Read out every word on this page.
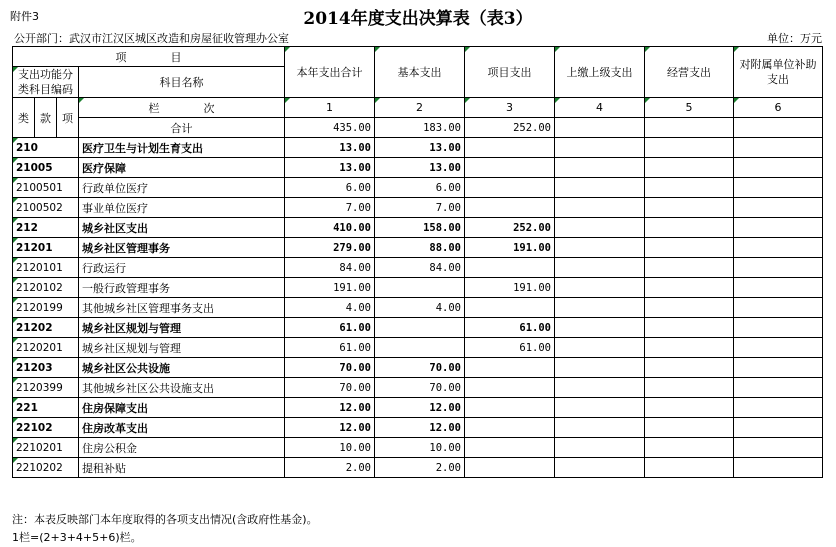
附件3	2014年度支出决算表（表3）
公开部门：武汉市江汉区城区改造和房屋征收管理办公室	单位：万元
项　　　　目				本年支出合计	基本支出	项目支出	上缴上级支出	经营支出	对附属单位补助支出
支出功能分类科目编码			科目名称						
类	款	项	栏　　　　次	1	2	3	4	5	6
			合计	435.00	183.00	252.00			
210			医疗卫生与计划生育支出	13.00	13.00				
21005			医疗保障	13.00	13.00				
2100501			行政单位医疗	6.00	6.00				
2100502			事业单位医疗	7.00	7.00				
212			城乡社区支出	410.00	158.00	252.00			
21201			城乡社区管理事务	279.00	88.00	191.00			
2120101			行政运行	84.00	84.00				
2120102			一般行政管理事务	191.00		191.00			
2120199			其他城乡社区管理事务支出	4.00	4.00				
21202			城乡社区规划与管理	61.00		61.00			
2120201			城乡社区规划与管理	61.00		61.00			
21203			城乡社区公共设施	70.00	70.00				
2120399			其他城乡社区公共设施支出	70.00	70.00				
221			住房保障支出	12.00	12.00				
22102			住房改革支出	12.00	12.00				
2210201			住房公积金	10.00	10.00				
2210202			提租补贴	2.00	2.00				
注：本表反映部门本年度取得的各项支出情况(含政府性基金)。
1栏=(2+3+4+5+6)栏。
